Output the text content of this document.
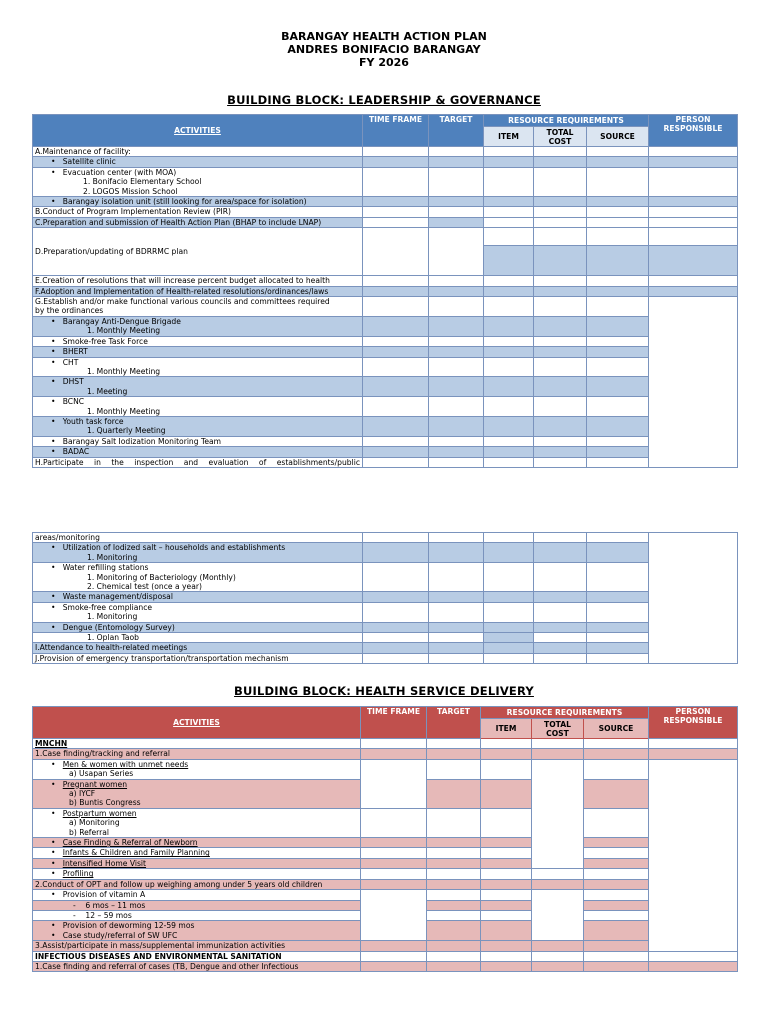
BARANGAY HEALTH ACTION PLAN
ANDRES BONIFACIO BARANGAY
FY 2026
BUILDING BLOCK: LEADERSHIP & GOVERNANCE
ACTIVITIES	TIME FRAME	TARGET	RESOURCE REQUIREMENTS			PERSON RESPONSIBLE
			ITEM	TOTAL COST	SOURCE	
A.Maintenance of facility:						
•   Satellite clinic						
•   Evacuation center (with MOA)
1. Bonifacio Elementary School
2. LOGOS Mission School						
•   Barangay isolation unit (still looking for area/space for isolation)						
B.Conduct of Program Implementation Review (PIR)						
C.Preparation and submission of Health Action Plan (BHAP to include LNAP)						
D.Preparation/updating of BDRRMC plan						

E.Creation of resolutions that will increase percent budget allocated to health						
F.Adoption and Implementation of Health-related resolutions/ordinances/laws						
G.Establish and/or make functional various councils and committees required
by the ordinances						
•   Barangay Anti-Dengue Brigade
1. Monthly Meeting						
•   Smoke-free Task Force						
•   BHERT						
•   CHT
1. Monthly Meeting						
•   DHST
1. Meeting						
•   BCNC
1. Monthly Meeting						
•   Youth task force
1. Quarterly Meeting						
•   Barangay Salt Iodization Monitoring Team						
•   BADAC						
H.Participate in the inspection and evaluation of establishments/public						
areas/monitoring						
•   Utilization of Iodized salt – households and establishments
1. Monitoring						
•   Water refilling stations
1. Monitoring of Bacteriology (Monthly)
2. Chemical test (once a year)						
•   Waste management/disposal						
•   Smoke-free compliance
1. Monitoring						
•   Dengue (Entomology Survey)						
1. Oplan Taob						
I.Attendance to health-related meetings						
J.Provision of emergency transportation/transportation mechanism						
BUILDING BLOCK: HEALTH SERVICE DELIVERY
ACTIVITIES	TIME FRAME	TARGET	RESOURCE REQUIREMENTS			PERSON RESPONSIBLE	
			ITEM	TOTAL COST	SOURCE		
MNCHN							
1.Case finding/tracking and referral							
•   Men & women with unmet needs
a) Usapan Series							
•   Pregnant women
a) IYCF
b) Buntis Congress							
•   Postpartum women
a) Monitoring
b) Referral							
•   Case Finding & Referral of Newborn							
•   Infants & Children and Family Planning							
•   Intensified Home Visit							
•   Profiling							
2.Conduct of OPT and follow up weighing among under 5 years old children							
•   Provision of vitamin A							
-    6 mos – 11 mos							
-    12 – 59 mos							
•   Provision of deworming 12-59 mos
•   Case study/referral of SW UFC							
3.Assist/participate in mass/supplemental immunization activities							
INFECTIOUS DISEASES AND ENVIRONMENTAL SANITATION							
1.Case finding and referral of cases (TB, Dengue and other Infectious							
